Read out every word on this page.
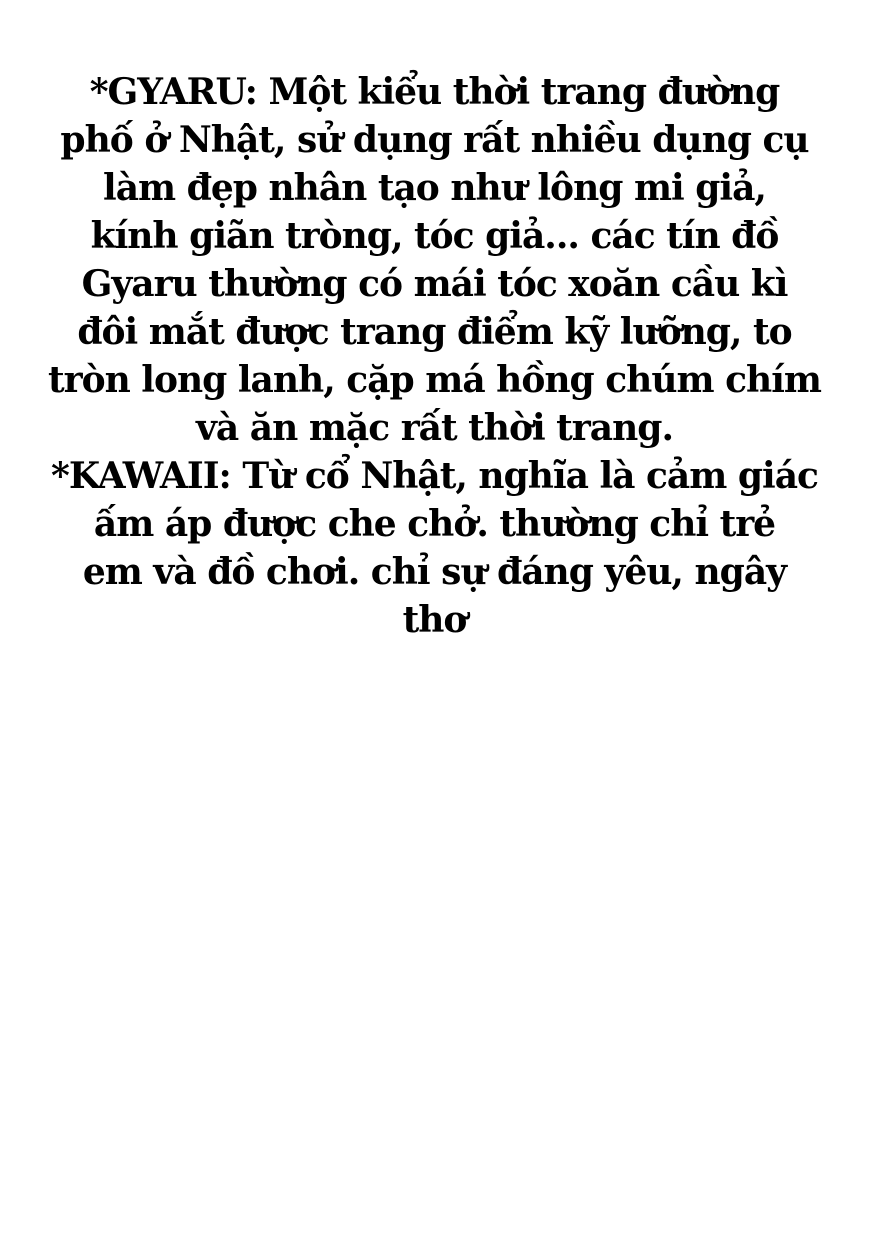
*GYARU: Một kiểu thời trang đường
phố ở Nhật, sử dụng rất nhiều dụng cụ
làm đẹp nhân tạo như lông mi giả,
kính giãn tròng, tóc giả... các tín đồ
Gyaru thường có mái tóc xoăn cầu kì
đôi mắt được trang điểm kỹ lưỡng, to
tròn long lanh, cặp má hồng chúm chím
và ăn mặc rất thời trang.
*KAWAII: Từ cổ Nhật, nghĩa là cảm giác
ấm áp được che chở. thường chỉ trẻ
em và đồ chơi. chỉ sự đáng yêu, ngây
thơ
